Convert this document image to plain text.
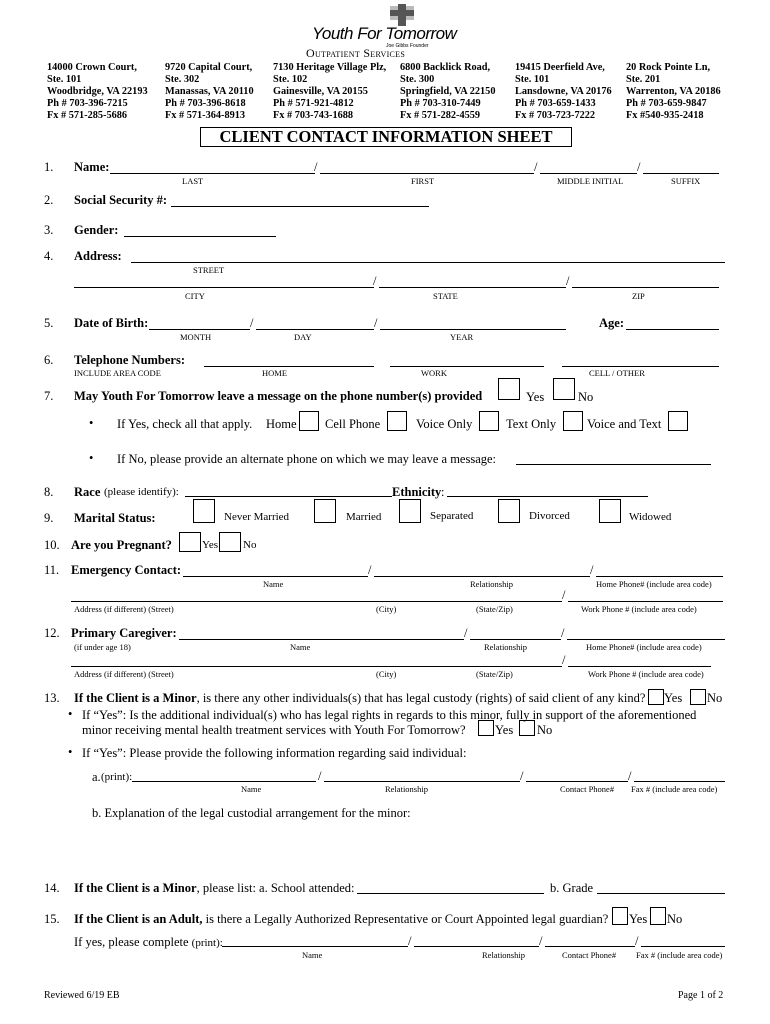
Youth For Tomorrow
Joe Gibbs Founder
Outpatient Services
14000 Crown Court,
Ste. 101
Woodbridge, VA 22193
Ph # 703-396-7215
Fx # 571-285-5686
9720 Capital Court,
Ste. 302
Manassas, VA 20110
Ph # 703-396-8618
Fx # 571-364-8913
7130 Heritage Village Plz,
Ste. 102
Gainesville, VA 20155
Ph # 571-921-4812
Fx # 703-743-1688
6800 Backlick Road,
Ste. 300
Springfield, VA 22150
Ph # 703-310-7449
Fx # 571-282-4559
19415 Deerfield Ave,
Ste. 101
Lansdowne, VA 20176
Ph # 703-659-1433
Fx # 703-723-7222
20 Rock Pointe Ln,
Ste. 201
Warrenton, VA 20186
Ph # 703-659-9847
Fx #540-935-2418
CLIENT CONTACT INFORMATION SHEET
1. Name:	/	/	/
LAST	FIRST	MIDDLE INITIAL	SUFFIX
2. Social Security #:
3. Gender:
4. Address:
STREET
/	/
CITY	STATE	ZIP
5. Date of Birth:	/	/
MONTH	DAY	YEAR
Age:
6. Telephone Numbers:
INCLUDE AREA CODE	HOME	WORK	CELL / OTHER
7. May Youth For Tomorrow leave a message on the phone number(s) provided	Yes	No
• If Yes, check all that apply. Home Cell Phone	Voice Only	Text Only Voice and Text
• If No, please provide an alternate phone on which we may leave a message:
8. Race (please identify):	Ethnicity :
9. Marital Status:	Never Married	Married	Separated	Divorced	Widowed
10. Are you Pregnant?	Yes No
11. Emergency Contact:	/	/
Name	Relationship	Home Phone# (include area code)
/
Address (if different) (Street)	(City)	(State/Zip)	Work Phone # (include area code)
12. Primary Caregiver:	/	/
(if under age 18)	Name	Relationship	Home Phone# (include area code)
/
Address (if different) (Street)	(City)	(State/Zip)	Work Phone # (include area code)
13. If the Client is a Minor, is there any other individuals(s) that has legal custody (rights) of said client of any kind? Yes No
• If “Yes”: Is the additional individual(s) who has legal rights in regards to this minor, fully in support of the aforementioned
minor receiving mental health treatment services with Youth For Tomorrow? Yes No
• If “Yes”: Please provide the following information regarding said individual:
a. (print):	/	/	/
Name	Relationship	Contact Phone# Fax # (include area code)
b. Explanation of the legal custodial arrangement for the minor:
14. If the Client is a Minor, please list: a. School attended:	b. Grade
15. If the Client is an Adult, is there a Legally Authorized Representative or Court Appointed legal guardian? Yes No
If yes, please complete (print):	/	/	/
Name	Relationship	Contact Phone# Fax # (include area code)
Reviewed 6/19 EB	Page 1 of 2
